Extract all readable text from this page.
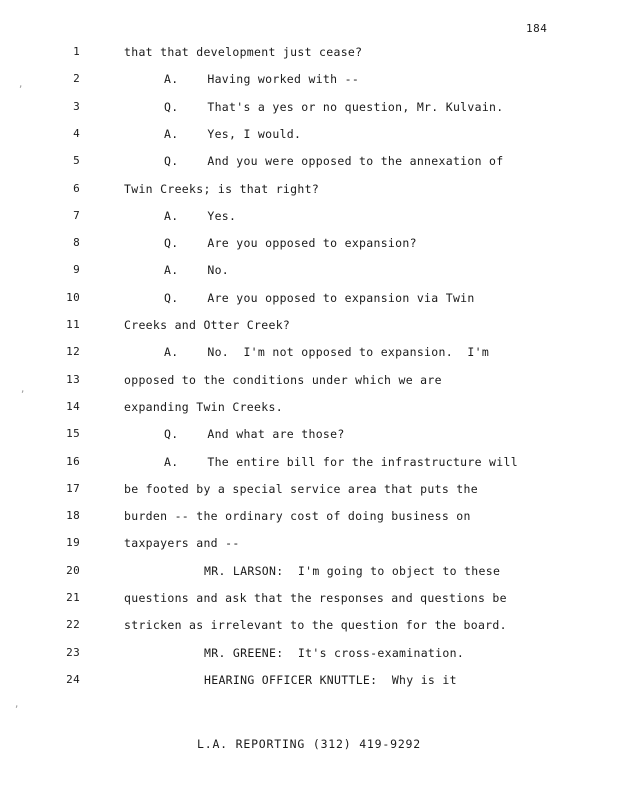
184
1	that that development just cease?
2	A.    Having worked with --
3	Q.    That's a yes or no question, Mr. Kulvain.
4	A.    Yes, I would.
5	Q.    And you were opposed to the annexation of
6	Twin Creeks; is that right?
7	A.    Yes.
8	Q.    Are you opposed to expansion?
9	A.    No.
10	Q.    Are you opposed to expansion via Twin
11	Creeks and Otter Creek?
12	A.    No.  I'm not opposed to expansion.  I'm
13	opposed to the conditions under which we are
14	expanding Twin Creeks.
15	Q.    And what are those?
16	A.    The entire bill for the infrastructure will
17	be footed by a special service area that puts the
18	burden -- the ordinary cost of doing business on
19	taxpayers and --
20	MR. LARSON:  I'm going to object to these
21	questions and ask that the responses and questions be
22	stricken as irrelevant to the question for the board.
23	MR. GREENE:  It's cross-examination.
24	HEARING OFFICER KNUTTLE:  Why is it
,
,
,
L.A. REPORTING (312) 419-9292
